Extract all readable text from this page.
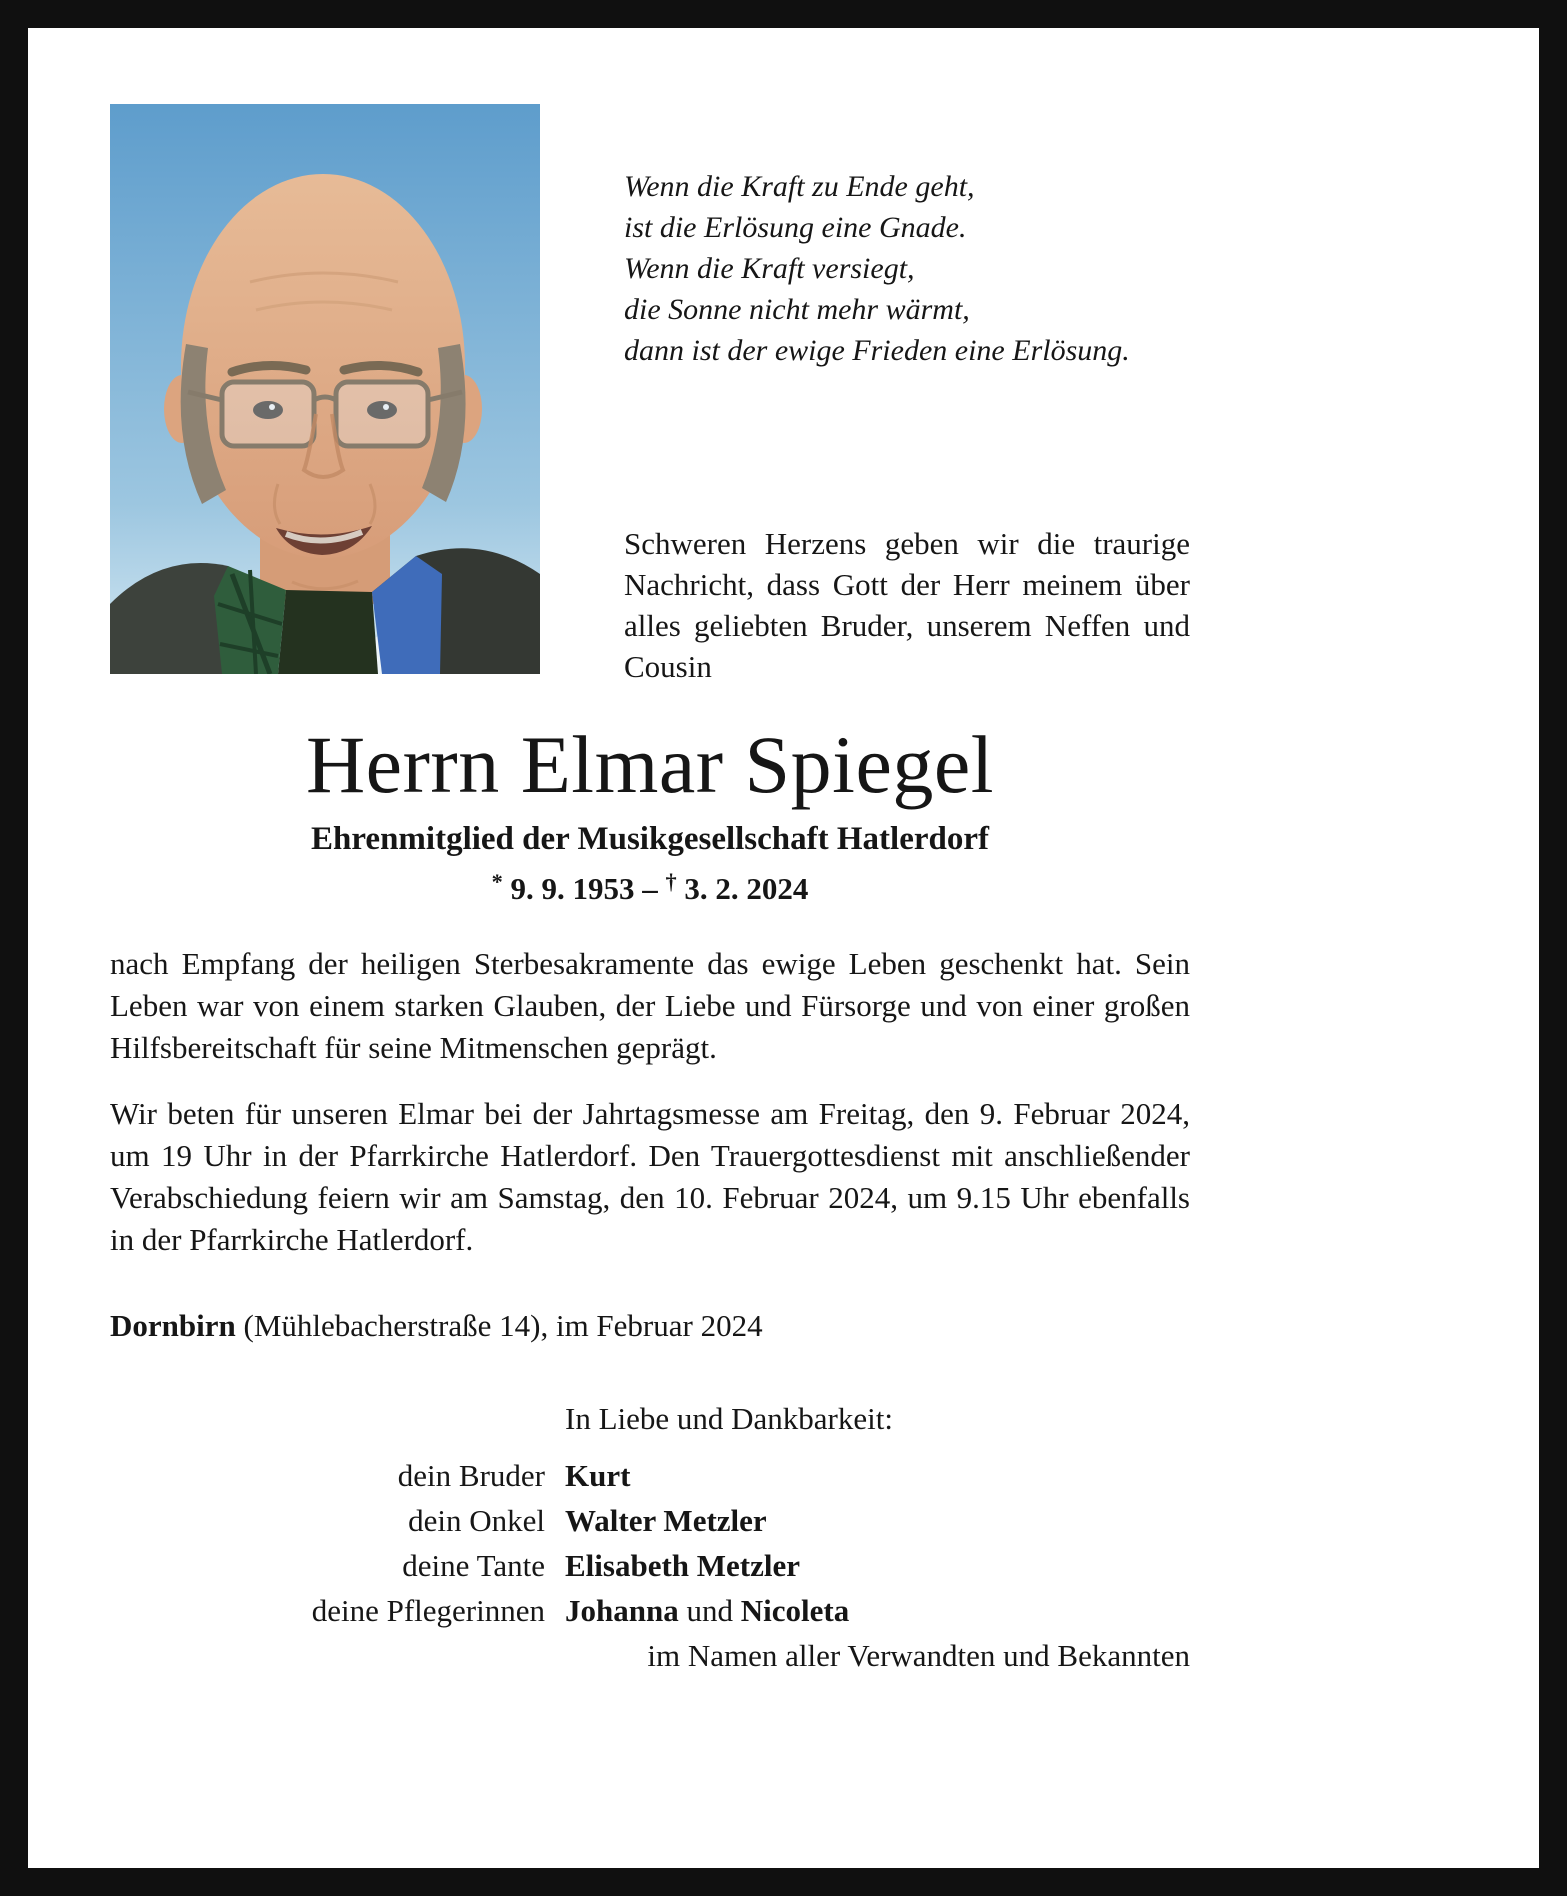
Wenn die Kraft zu Ende geht,
ist die Erlösung eine Gnade.
Wenn die Kraft versiegt,
die Sonne nicht mehr wärmt,
dann ist der ewige Frieden eine Erlösung.
Schweren Herzens geben wir die traurige Nachricht, dass Gott der Herr meinem über alles geliebten Bruder, unserem Neffen und Cousin
Herrn Elmar Spiegel
Ehrenmitglied der Musikgesellschaft Hatlerdorf
* 9. 9. 1953 – † 3. 2. 2024

nach Empfang der heiligen Sterbesakramente das ewige Leben geschenkt hat. Sein Leben war von einem starken Glauben, der Liebe und Fürsorge und von einer großen Hilfsbereitschaft für seine Mitmenschen geprägt.

Wir beten für unseren Elmar bei der Jahrtagsmesse am Freitag, den 9. Februar 2024, um 19 Uhr in der Pfarrkirche Hatlerdorf. Den Trauergottesdienst mit anschließender Verabschiedung feiern wir am Samstag, den 10. Februar 2024, um 9.15 Uhr ebenfalls in der Pfarrkirche Hatlerdorf.

Dornbirn (Mühlebacherstraße 14), im Februar 2024
In Liebe und Dankbarkeit:
dein Bruder Kurt
dein Onkel Walter Metzler
deine Tante Elisabeth Metzler
deine Pflegerinnen Johanna und Nicoleta
im Namen aller Verwandten und Bekannten
